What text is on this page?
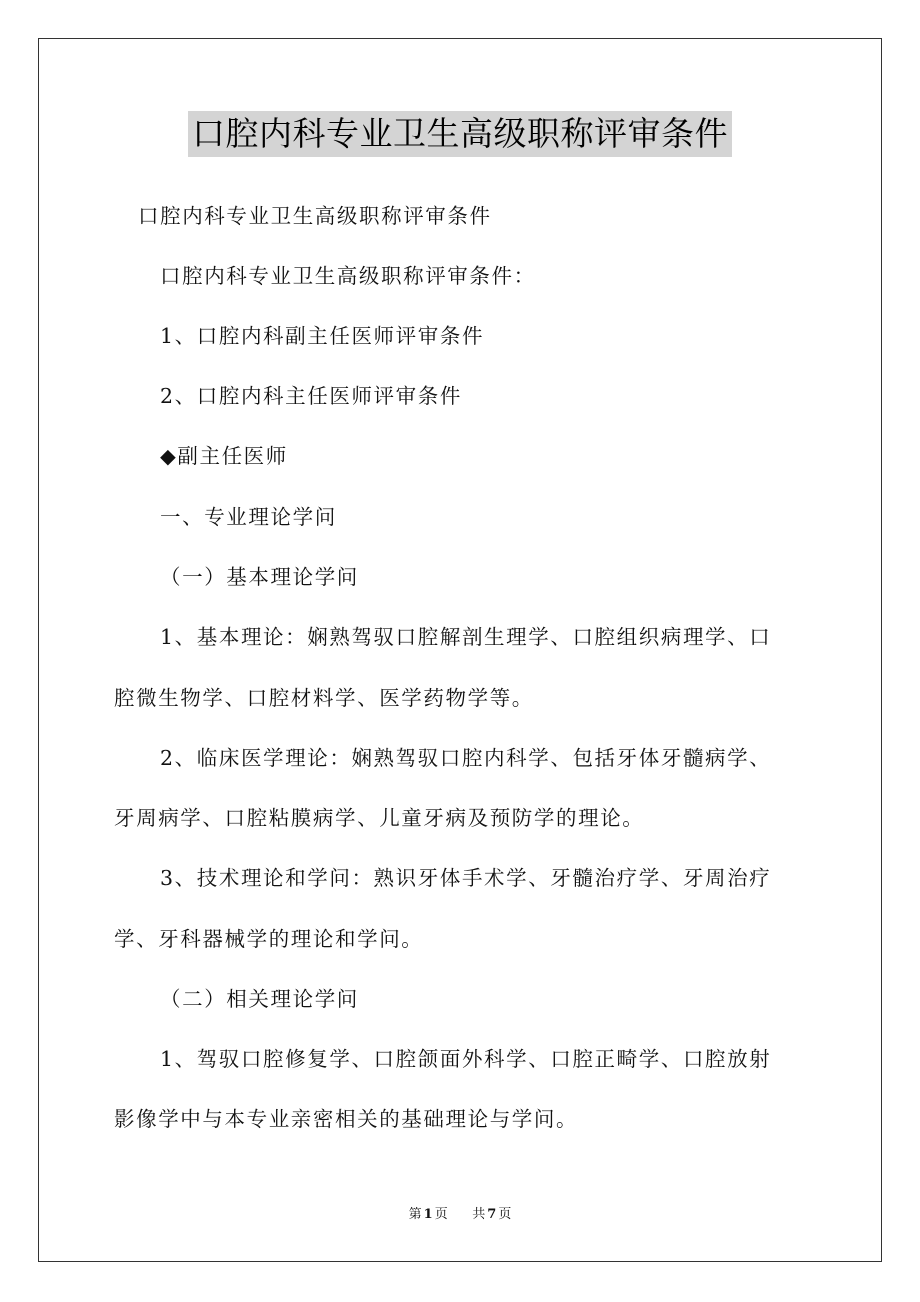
口腔内科专业卫生高级职称评审条件
口腔内科专业卫生高级职称评审条件
口腔内科专业卫生高级职称评审条件：
1、口腔内科副主任医师评审条件
2、口腔内科主任医师评审条件
◆副主任医师
一、专业理论学问
（一）基本理论学问
1、基本理论：娴熟驾驭口腔解剖生理学、口腔组织病理学、口
腔微生物学、口腔材料学、医学药物学等。
2、临床医学理论：娴熟驾驭口腔内科学、包括牙体牙髓病学、
牙周病学、口腔粘膜病学、儿童牙病及预防学的理论。
3、技术理论和学问：熟识牙体手术学、牙髓治疗学、牙周治疗
学、牙科器械学的理论和学问。
（二）相关理论学问
1、驾驭口腔修复学、口腔颌面外科学、口腔正畸学、口腔放射
影像学中与本专业亲密相关的基础理论与学问。
第 1 页 共 7 页
